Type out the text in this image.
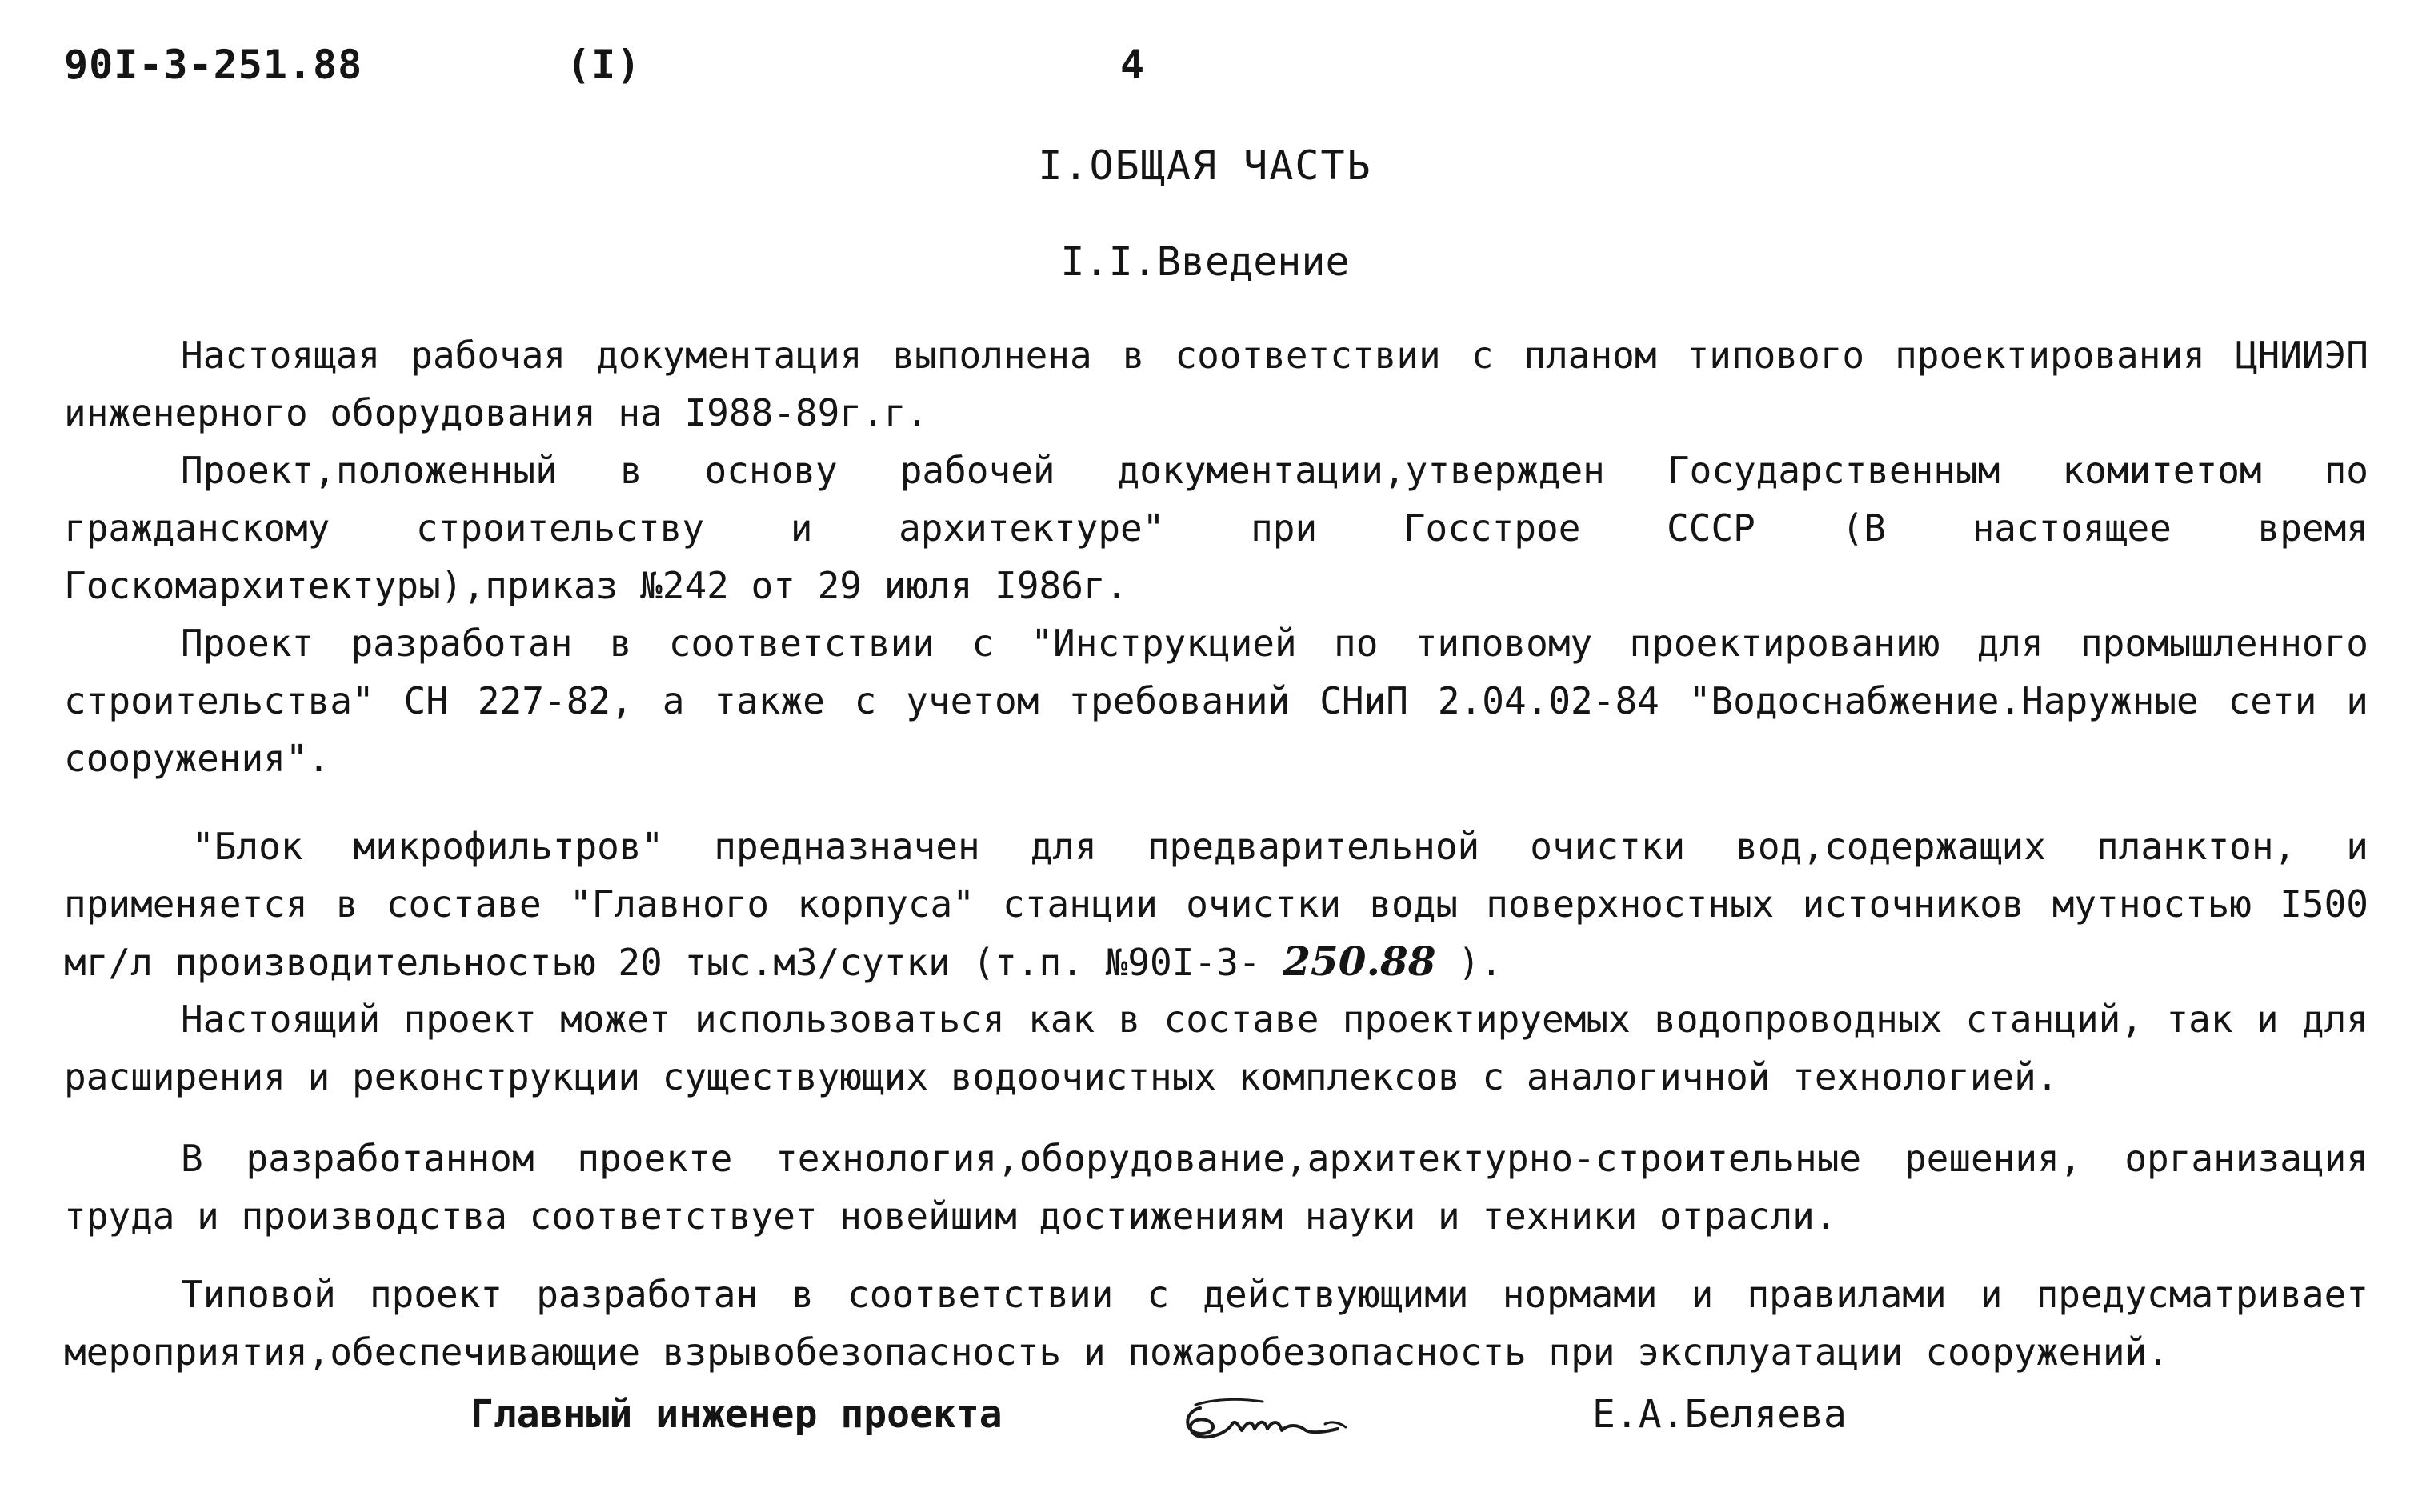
90I-3-251.88	(I)	4
I.ОБЩАЯ ЧАСТЬ
I.I.Введение

Настоящая рабочая документация выполнена в соответствии с планом типового проектирования ЦНИИЭП инженерного оборудования на I988-89г.г.

Проект,положенный в основу рабочей документации,утвержден Государственным комитетом по гражданскому строительству и архитектуре" при Госстрое СССР (В настоящее время Госкомархитектуры),приказ №242 от 29 июля I986г.

Проект разработан в соответствии с "Инструкцией по типовому проектированию для промышленного строительства" СН 227-82, а также с учетом требований СНиП 2.04.02-84 "Водоснабжение.Наружные сети и сооружения".

"Блок микрофильтров" предназначен для предварительной очистки вод,содержащих планктон, и применяется в составе "Главного корпуса" станции очистки воды поверхностных источников мутностью I500 мг/л производительностью 20 тыс.м3/сутки (т.п. №90I-3- 250.88 ).

Настоящий проект может использоваться как в составе проектируемых водопроводных станций, так и для расширения и реконструкции существующих водоочистных комплексов с аналогичной технологией.

В разработанном проекте технология,оборудование,архитектурно-строительные решения, организация труда и производства соответствует новейшим достижениям науки и техники отрасли.

Типовой проект разработан в соответствии с действующими нормами и правилами и предусматривает мероприятия,обеспечивающие взрывобезопасность и пожаробезопасность при эксплуатации сооружений.

Главный инженер проекта	Е.А.Беляева
